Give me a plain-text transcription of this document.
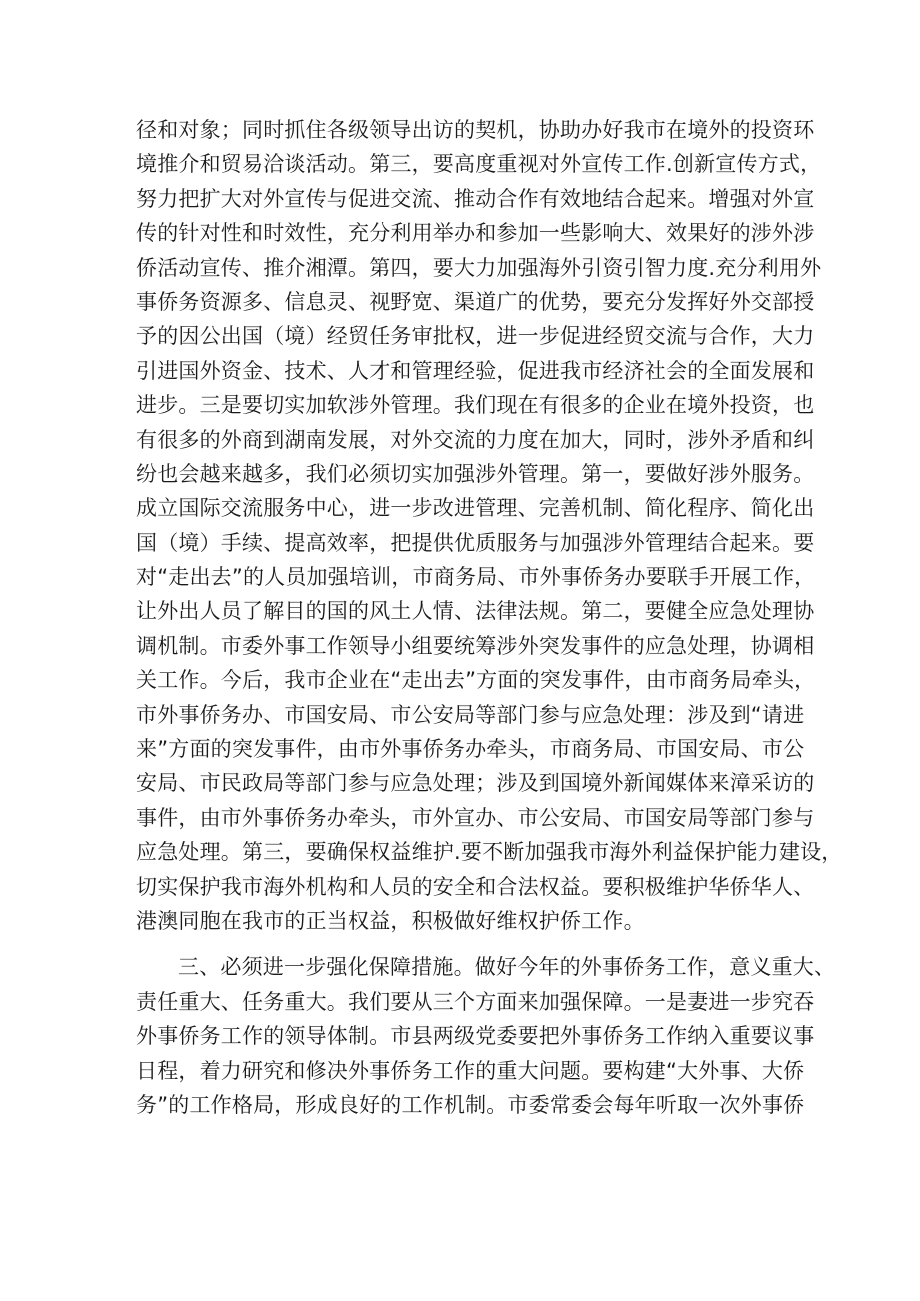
径和对象；同时抓住各级领导出访的契机，协助办好我市在境外的投资环
境推介和贸易洽谈活动。第三，要高度重视对外宣传工作.创新宣传方式，
努力把扩大对外宣传与促进交流、推动合作有效地结合起来。增强对外宣
传的针对性和时效性，充分利用举办和参加一些影响大、效果好的涉外涉
侨活动宣传、推介湘潭。第四，要大力加强海外引资引智力度.充分利用外
事侨务资源多、信息灵、视野宽、渠道广的优势，要充分发挥好外交部授
予的因公出国（境）经贸任务审批权，进一步促进经贸交流与合作，大力
引进国外资金、技术、人才和管理经验，促进我市经济社会的全面发展和
进步。三是要切实加软涉外管理。我们现在有很多的企业在境外投资，也
有很多的外商到湖南发展，对外交流的力度在加大，同时，涉外矛盾和纠
纷也会越来越多，我们必须切实加强涉外管理。第一，要做好涉外服务。
成立国际交流服务中心，进一步改进管理、完善机制、简化程序、简化出
国（境）手续、提高效率，把提供优质服务与加强涉外管理结合起来。要
对“走出去”的人员加强培训，市商务局、市外事侨务办要联手开展工作，
让外出人员了解目的国的风土人情、法律法规。第二，要健全应急处理协
调机制。市委外事工作领导小组要统筹涉外突发事件的应急处理，协调相
关工作。今后，我市企业在“走出去”方面的突发事件，由市商务局牵头，
市外事侨务办、市国安局、市公安局等部门参与应急处理：涉及到“请进
来”方面的突发事件，由市外事侨务办牵头，市商务局、市国安局、市公
安局、市民政局等部门参与应急处理；涉及到国境外新闻媒体来漳采访的
事件，由市外事侨务办牵头，市外宣办、市公安局、市国安局等部门参与
应急处理。第三，要确保权益维护.要不断加强我市海外利益保护能力建设，
切实保护我市海外机构和人员的安全和合法权益。要积极维护华侨华人、
港澳同胞在我市的正当权益，积极做好维权护侨工作。
三、必须进一步强化保障措施。做好今年的外事侨务工作，意义重大、
责任重大、任务重大。我们要从三个方面来加强保障。一是妻进一步究吞
外事侨务工作的领导体制。市县两级党委要把外事侨务工作纳入重要议事
日程，着力研究和修决外事侨务工作的重大问题。要构建“大外事、大侨
务”的工作格局，形成良好的工作机制。市委常委会每年听取一次外事侨
